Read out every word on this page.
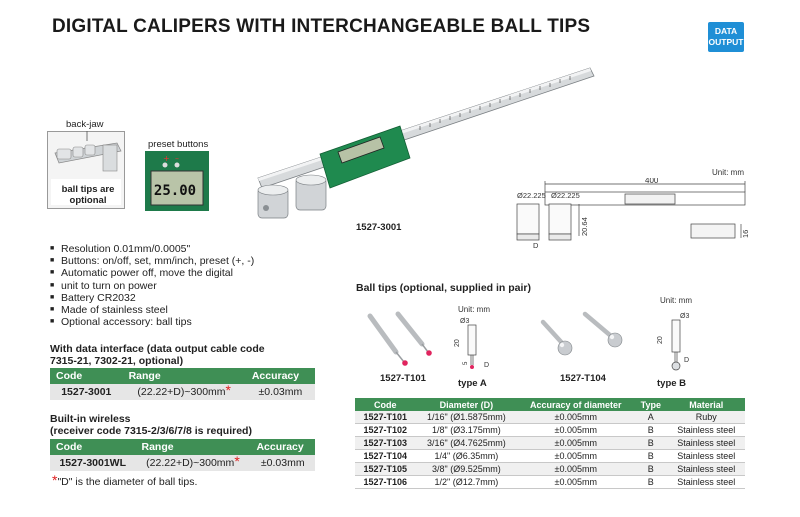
DIGITAL CALIPERS WITH INTERCHANGEABLE BALL TIPS	DATA
OUTPUT
back-jaw
ball tips are
optional
preset buttons
+ –
25.00
1527-3001
Unit: mm
400
Ø22.225 Ø22.225
20.64
D
16
■ Resolution 0.01mm/0.0005"
■ Buttons: on/off, set, mm/inch, preset (+, -)
■ Automatic power off, move the digital
■ unit to turn on power
■ Battery CR2032
■ Made of stainless steel
■ Optional accessory: ball tips
With data interface (data output cable code
7315-21, 7302-21, optional)
Code	Range	Accuracy
1527-3001	(22.22+D)~300mm*	±0.03mm
Built-in wireless
(receiver code 7315-2/3/6/7/8 is required)
Code	Range	Accuracy
1527-3001WL	(22.22+D)~300mm*	±0.03mm
*"D" is the diameter of ball tips.
Ball tips (optional, supplied in pair)
Unit: mm
Ø3
20
5 D
1527-T101	type A
Unit: mm
Ø3
20
D
1527-T104	type B
Code	Diameter (D)	Accuracy of diameter	Type	Material
1527-T101	1/16" (Ø1.5875mm)	±0.005mm	A	Ruby
1527-T102	1/8" (Ø3.175mm)	±0.005mm	B	Stainless steel
1527-T103	3/16" (Ø4.7625mm)	±0.005mm	B	Stainless steel
1527-T104	1/4" (Ø6.35mm)	±0.005mm	B	Stainless steel
1527-T105	3/8" (Ø9.525mm)	±0.005mm	B	Stainless steel
1527-T106	1/2" (Ø12.7mm)	±0.005mm	B	Stainless steel
